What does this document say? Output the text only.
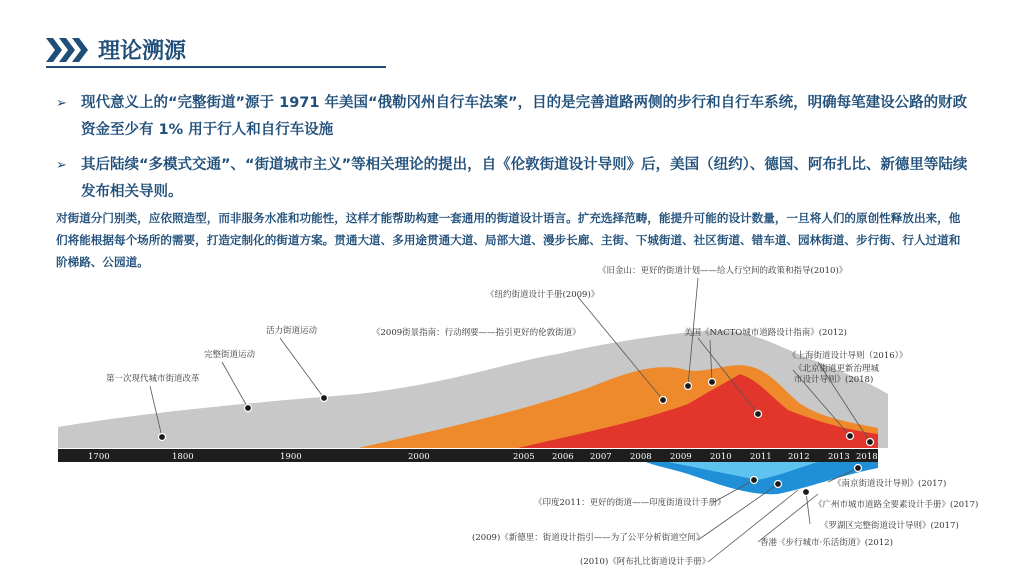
理论溯源
➢ 现代意义上的“完整街道”源于 1971 年美国“俄勒冈州自行车法案”，目的是完善道路两侧的步行和自行车系统，明确每笔建设公路的财政资金至少有 1% 用于行人和自行车设施
➢ 其后陆续“多模式交通”、“街道城市主义”等相关理论的提出，自《伦敦街道设计导则》后，美国（纽约）、德国、阿布扎比、新德里等陆续发布相关导则。
对街道分门别类，应依照造型，而非服务水准和功能性，这样才能帮助构建一套通用的街道设计语言。扩充选择范畴，能提升可能的设计数量，一旦将人们的原创性释放出来，他们将能根据每个场所的需要，打造定制化的街道方案。贯通大道、多用途贯通大道、局部大道、漫步长廊、主街、下城街道、社区街道、错车道、园林街道、步行街、行人过道和阶梯路、公园道。
1700	1800	1900	2000	2005 2006 2007 2008 2009 2010 2011 2012 2013 2018
第一次现代城市街道改革
完整街道运动
活力街道运动
《旧金山：更好的街道计划——给人行空间的政策和指导(2010)》
《纽约街道设计手册(2009)》
《2009街景指南：行动纲要——指引更好的伦敦街道》	美国《NACTO城市道路设计指南》(2012)
《上海街道设计导则（2016）》
《北京街道更新治理城市设计导则》(2018)
《印度2011：更好的街道——印度街道设计手册》
(2009)《新德里：街道设计指引——为了公平分析街道空间》
(2010)《阿布扎比街道设计手册》
《南京街道设计导则》(2017)
《广州市城市道路全要素设计手册》(2017)
《罗湖区完整街道设计导则》(2017)
香港《步行城市·乐活街道》(2012)
